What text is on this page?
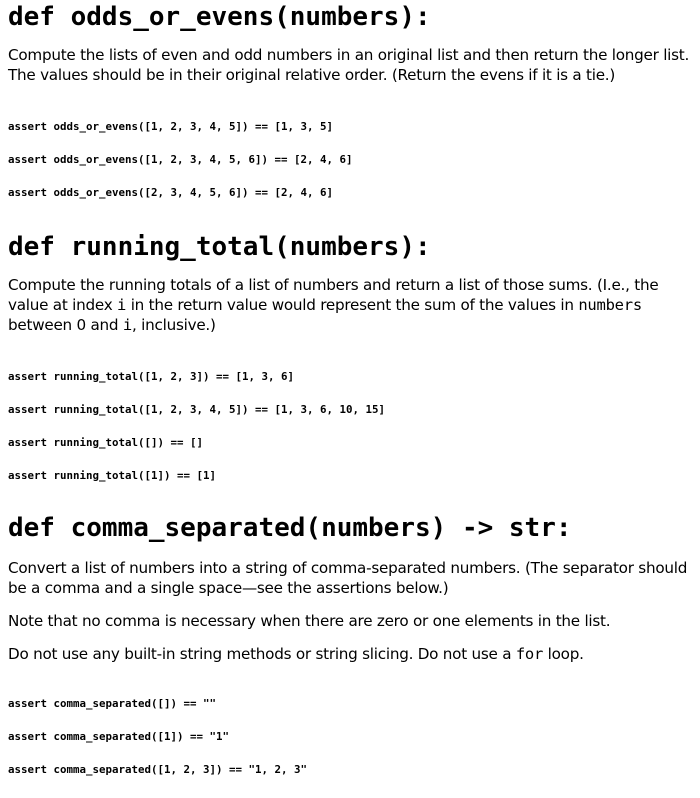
def odds_or_evens(numbers):

Compute the lists of even and odd numbers in an original list and then return the longer list. The values should be in their original relative order. (Return the evens if it is a tie.)

assert odds_or_evens([1, 2, 3, 4, 5]) == [1, 3, 5]

assert odds_or_evens([1, 2, 3, 4, 5, 6]) == [2, 4, 6]

assert odds_or_evens([2, 3, 4, 5, 6]) == [2, 4, 6]

def running_total(numbers):

Compute the running totals of a list of numbers and return a list of those sums. (I.e., the value at index i in the return value would represent the sum of the values in numbers between 0 and i, inclusive.)

assert running_total([1, 2, 3]) == [1, 3, 6]

assert running_total([1, 2, 3, 4, 5]) == [1, 3, 6, 10, 15]

assert running_total([]) == []

assert running_total([1]) == [1]

def comma_separated(numbers) -> str:

Convert a list of numbers into a string of comma-separated numbers. (The separator should be a comma and a single space—see the assertions below.)

Note that no comma is necessary when there are zero or one elements in the list.

Do not use any built-in string methods or string slicing. Do not use a for loop.

assert comma_separated([]) == ""

assert comma_separated([1]) == "1"

assert comma_separated([1, 2, 3]) == "1, 2, 3"
